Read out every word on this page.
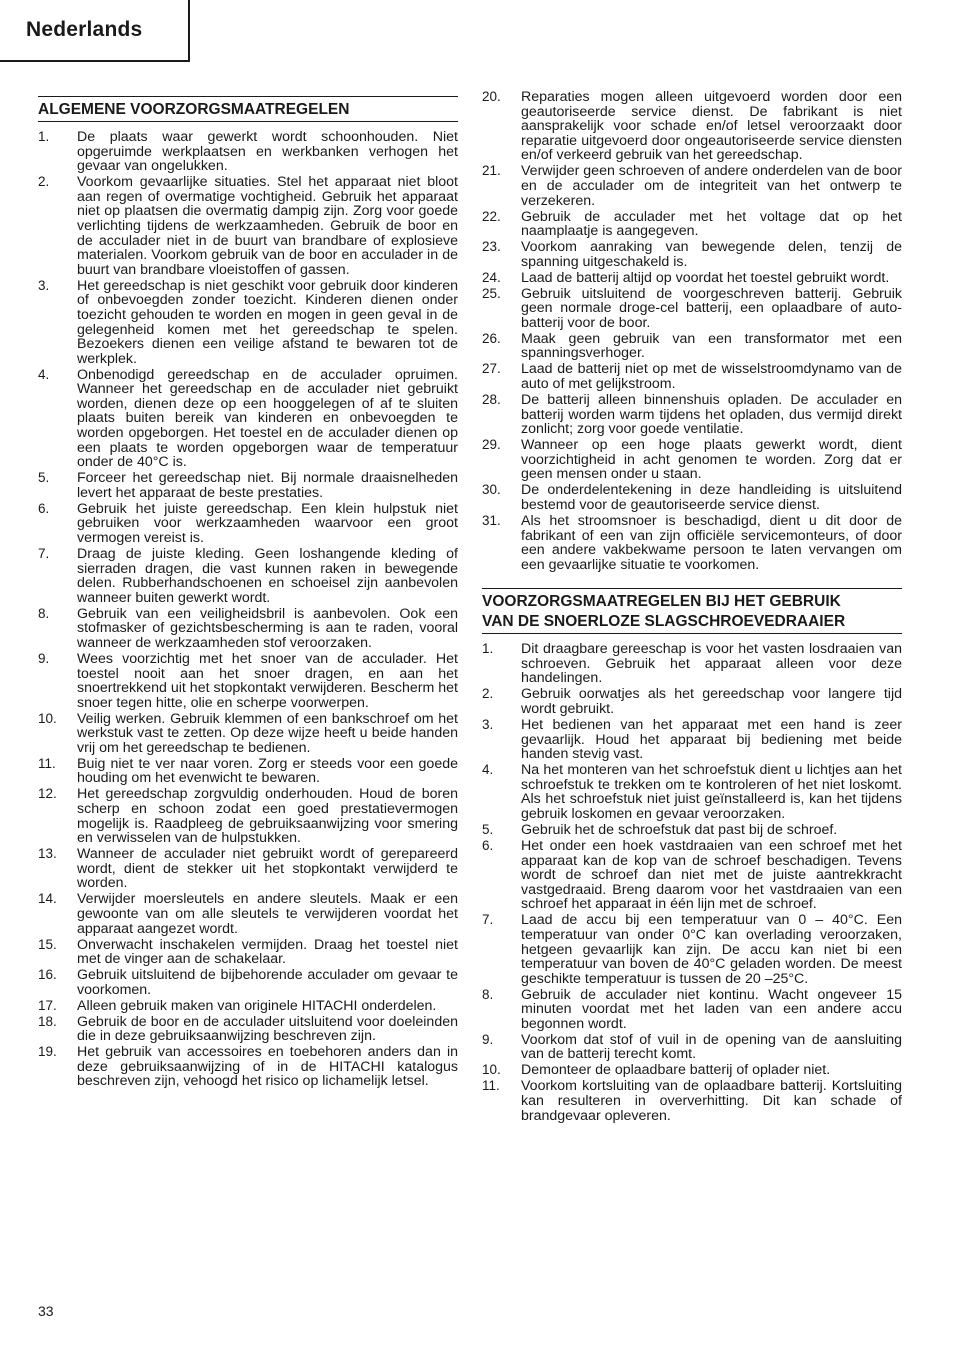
Nederlands
ALGEMENE VOORZORGSMAATREGELEN
1.	De plaats waar gewerkt wordt schoonhouden. Niet opgeruimde werkplaatsen en werkbanken verhogen het gevaar van ongelukken.
2.	Voorkom gevaarlijke situaties. Stel het apparaat niet bloot aan regen of overmatige vochtigheid. Gebruik het apparaat niet op plaatsen die overmatig dampig zijn. Zorg voor goede verlichting tijdens de werkzaamheden. Gebruik de boor en de acculader niet in de buurt van brandbare of explosieve materialen. Voorkom gebruik van de boor en acculader in de buurt van brandbare vloeistoffen of gassen.
3.	Het gereedschap is niet geschikt voor gebruik door kinderen of onbevoegden zonder toezicht. Kinderen dienen onder toezicht gehouden te worden en mogen in geen geval in de gelegenheid komen met het gereedschap te spelen. Bezoekers dienen een veilige afstand te bewaren tot de werkplek.
4.	Onbenodigd gereedschap en de acculader opruimen. Wanneer het gereedschap en de acculader niet gebruikt worden, dienen deze op een hooggelegen of af te sluiten plaats buiten bereik van kinderen en onbevoegden te worden opgeborgen. Het toestel en de acculader dienen op een plaats te worden opgeborgen waar de temperatuur onder de 40°C is.
5.	Forceer het gereedschap niet. Bij normale draaisnelheden levert het apparaat de beste prestaties.
6.	Gebruik het juiste gereedschap. Een klein hulpstuk niet gebruiken voor werkzaamheden waarvoor een groot vermogen vereist is.
7.	Draag de juiste kleding. Geen loshangende kleding of sierraden dragen, die vast kunnen raken in bewegende delen. Rubberhandschoenen en schoeisel zijn aanbevolen wanneer buiten gewerkt wordt.
8.	Gebruik van een veiligheidsbril is aanbevolen. Ook een stofmasker of gezichtsbescherming is aan te raden, vooral wanneer de werkzaamheden stof veroorzaken.
9.	Wees voorzichtig met het snoer van de acculader. Het toestel nooit aan het snoer dragen, en aan het snoertrekkend uit het stopkontakt verwijderen. Bescherm het snoer tegen hitte, olie en scherpe voorwerpen.
10.	Veilig werken. Gebruik klemmen of een bankschroef om het werkstuk vast te zetten. Op deze wijze heeft u beide handen vrij om het gereedschap te bedienen.
11.	Buig niet te ver naar voren. Zorg er steeds voor een goede houding om het evenwicht te bewaren.
12.	Het gereedschap zorgvuldig onderhouden. Houd de boren scherp en schoon zodat een goed prestatievermogen mogelijk is. Raadpleeg de gebruiksaanwijzing voor smering en verwisselen van de hulpstukken.
13.	Wanneer de acculader niet gebruikt wordt of gerepareerd wordt, dient de stekker uit het stopkontakt verwijderd te worden.
14.	Verwijder moersleutels en andere sleutels. Maak er een gewoonte van om alle sleutels te verwijderen voordat het apparaat aangezet wordt.
15.	Onverwacht inschakelen vermijden. Draag het toestel niet met de vinger aan de schakelaar.
16.	Gebruik uitsluitend de bijbehorende acculader om gevaar te voorkomen.
17.	Alleen gebruik maken van originele HITACHI onderdelen.
18.	Gebruik de boor en de acculader uitsluitend voor doeleinden die in deze gebruiksaanwijzing beschreven zijn.
19.	Het gebruik van accessoires en toebehoren anders dan in deze gebruiksaanwijzing of in de HITACHI katalogus beschreven zijn, vehoogd het risico op lichamelijk letsel.
20.	Reparaties mogen alleen uitgevoerd worden door een geautoriseerde service dienst. De fabrikant is niet aansprakelijk voor schade en/of letsel veroorzaakt door reparatie uitgevoerd door ongeautoriseerde service diensten en/of verkeerd gebruik van het gereedschap.
21.	Verwijder geen schroeven of andere onderdelen van de boor en de acculader om de integriteit van het ontwerp te verzekeren.
22.	Gebruik de acculader met het voltage dat op het naamplaatje is aangegeven.
23.	Voorkom aanraking van bewegende delen, tenzij de spanning uitgeschakeld is.
24.	Laad de batterij altijd op voordat het toestel gebruikt wordt.
25.	Gebruik uitsluitend de voorgeschreven batterij. Gebruik geen normale droge-cel batterij, een oplaadbare of auto-batterij voor de boor.
26.	Maak geen gebruik van een transformator met een spanningsverhoger.
27.	Laad de batterij niet op met de wisselstroomdynamo van de auto of met gelijkstroom.
28.	De batterij alleen binnenshuis opladen. De acculader en batterij worden warm tijdens het opladen, dus vermijd direkt zonlicht; zorg voor goede ventilatie.
29.	Wanneer op een hoge plaats gewerkt wordt, dient voorzichtigheid in acht genomen te worden. Zorg dat er geen mensen onder u staan.
30.	De onderdelentekening in deze handleiding is uitsluitend bestemd voor de geautoriseerde service dienst.
31.	Als het stroomsnoer is beschadigd, dient u dit door de fabrikant of een van zijn officiële servicemonteurs, of door een andere vakbekwame persoon te laten vervangen om een gevaarlijke situatie te voorkomen.
VOORZORGSMAATREGELEN BIJ HET GEBRUIK
VAN DE SNOERLOZE SLAGSCHROEVEDRAAIER
1.	Dit draagbare gereeschap is voor het vasten losdraaien van schroeven. Gebruik het apparaat alleen voor deze handelingen.
2.	Gebruik oorwatjes als het gereedschap voor langere tijd wordt gebruikt.
3.	Het bedienen van het apparaat met een hand is zeer gevaarlijk. Houd het apparaat bij bediening met beide handen stevig vast.
4.	Na het monteren van het schroefstuk dient u lichtjes aan het schroefstuk te trekken om te kontroleren of het niet loskomt. Als het schroefstuk niet juist geïnstalleerd is, kan het tijdens gebruik loskomen en gevaar veroorzaken.
5.	Gebruik het de schroefstuk dat past bij de schroef.
6.	Het onder een hoek vastdraaien van een schroef met het apparaat kan de kop van de schroef beschadigen. Tevens wordt de schroef dan niet met de juiste aantrekkracht vastgedraaid. Breng daarom voor het vastdraaien van een schroef het apparaat in één lijn met de schroef.
7.	Laad de accu bij een temperatuur van 0 – 40°C. Een temperatuur van onder 0°C kan overlading veroorzaken, hetgeen gevaarlijk kan zijn. De accu kan niet bi een temperatuur van boven de 40°C geladen worden. De meest geschikte temperatuur is tussen de 20 –25°C.
8.	Gebruik de acculader niet kontinu. Wacht ongeveer 15 minuten voordat met het laden van een andere accu begonnen wordt.
9.	Voorkom dat stof of vuil in de opening van de aansluiting van de batterij terecht komt.
10.	Demonteer de oplaadbare batterij of oplader niet.
11.	Voorkom kortsluiting van de oplaadbare batterij. Kortsluiting kan resulteren in oververhitting. Dit kan schade of brandgevaar opleveren.
33
